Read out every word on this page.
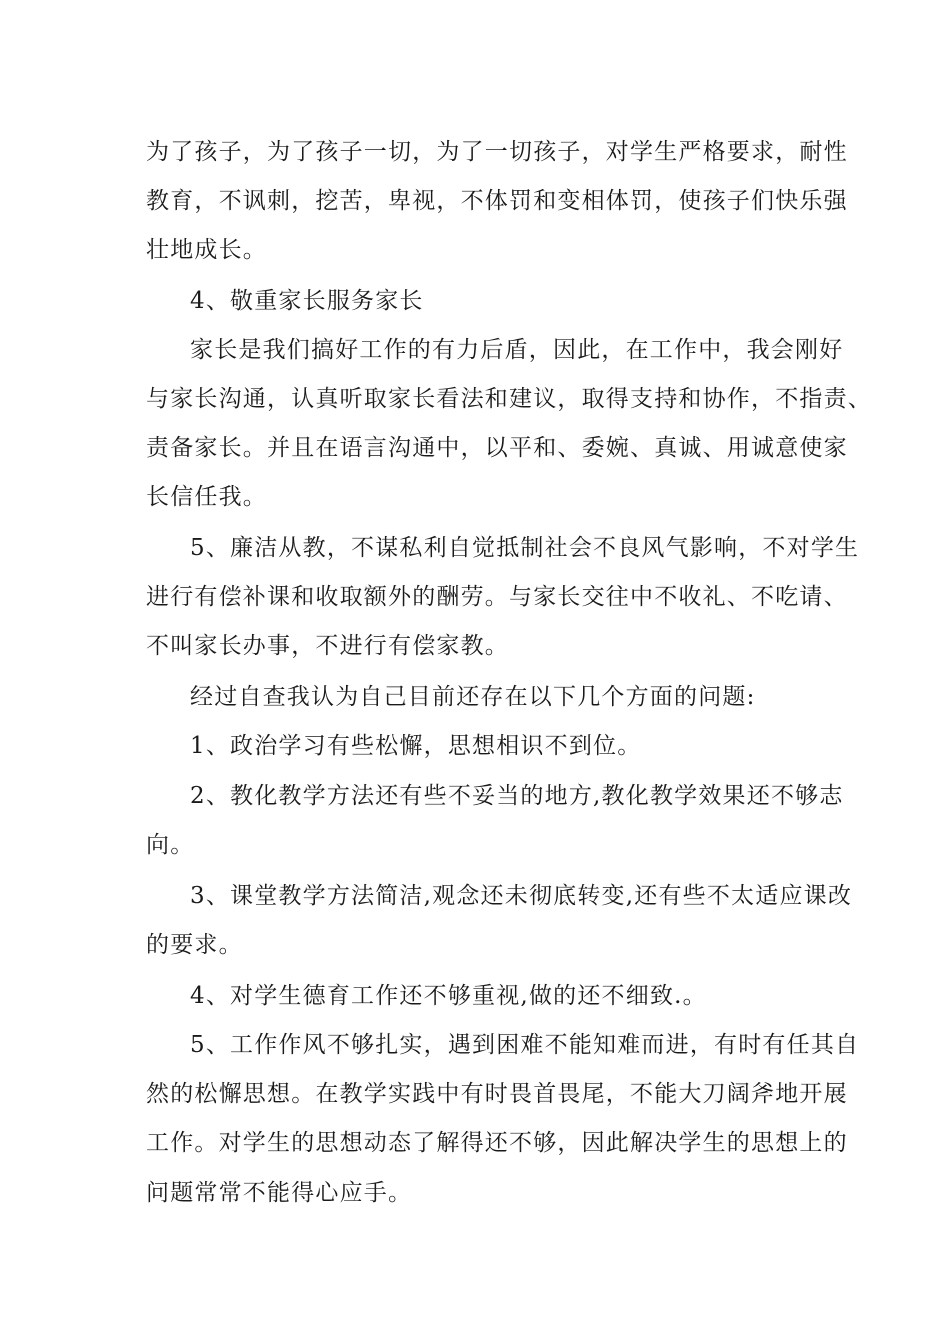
为了孩子，为了孩子一切，为了一切孩子，对学生严格要求，耐性
教育，不讽刺，挖苦，卑视，不体罚和变相体罚，使孩子们快乐强
壮地成长。
4、敬重家长服务家长
家长是我们搞好工作的有力后盾，因此，在工作中，我会刚好
与家长沟通，认真听取家长看法和建议，取得支持和协作，不指责、
责备家长。并且在语言沟通中，以平和、委婉、真诚、用诚意使家
长信任我。
5、廉洁从教，不谋私利自觉抵制社会不良风气影响，不对学生
进行有偿补课和收取额外的酬劳。与家长交往中不收礼、不吃请、
不叫家长办事，不进行有偿家教。
经过自查我认为自己目前还存在以下几个方面的问题:
1、政治学习有些松懈，思想相识不到位。
2、教化教学方法还有些不妥当的地方,教化教学效果还不够志
向。
3、课堂教学方法简洁,观念还未彻底转变,还有些不太适应课改
的要求。
4、对学生德育工作还不够重视,做的还不细致.。
5、工作作风不够扎实，遇到困难不能知难而进，有时有任其自
然的松懈思想。在教学实践中有时畏首畏尾，不能大刀阔斧地开展
工作。对学生的思想动态了解得还不够，因此解决学生的思想上的
问题常常不能得心应手。
